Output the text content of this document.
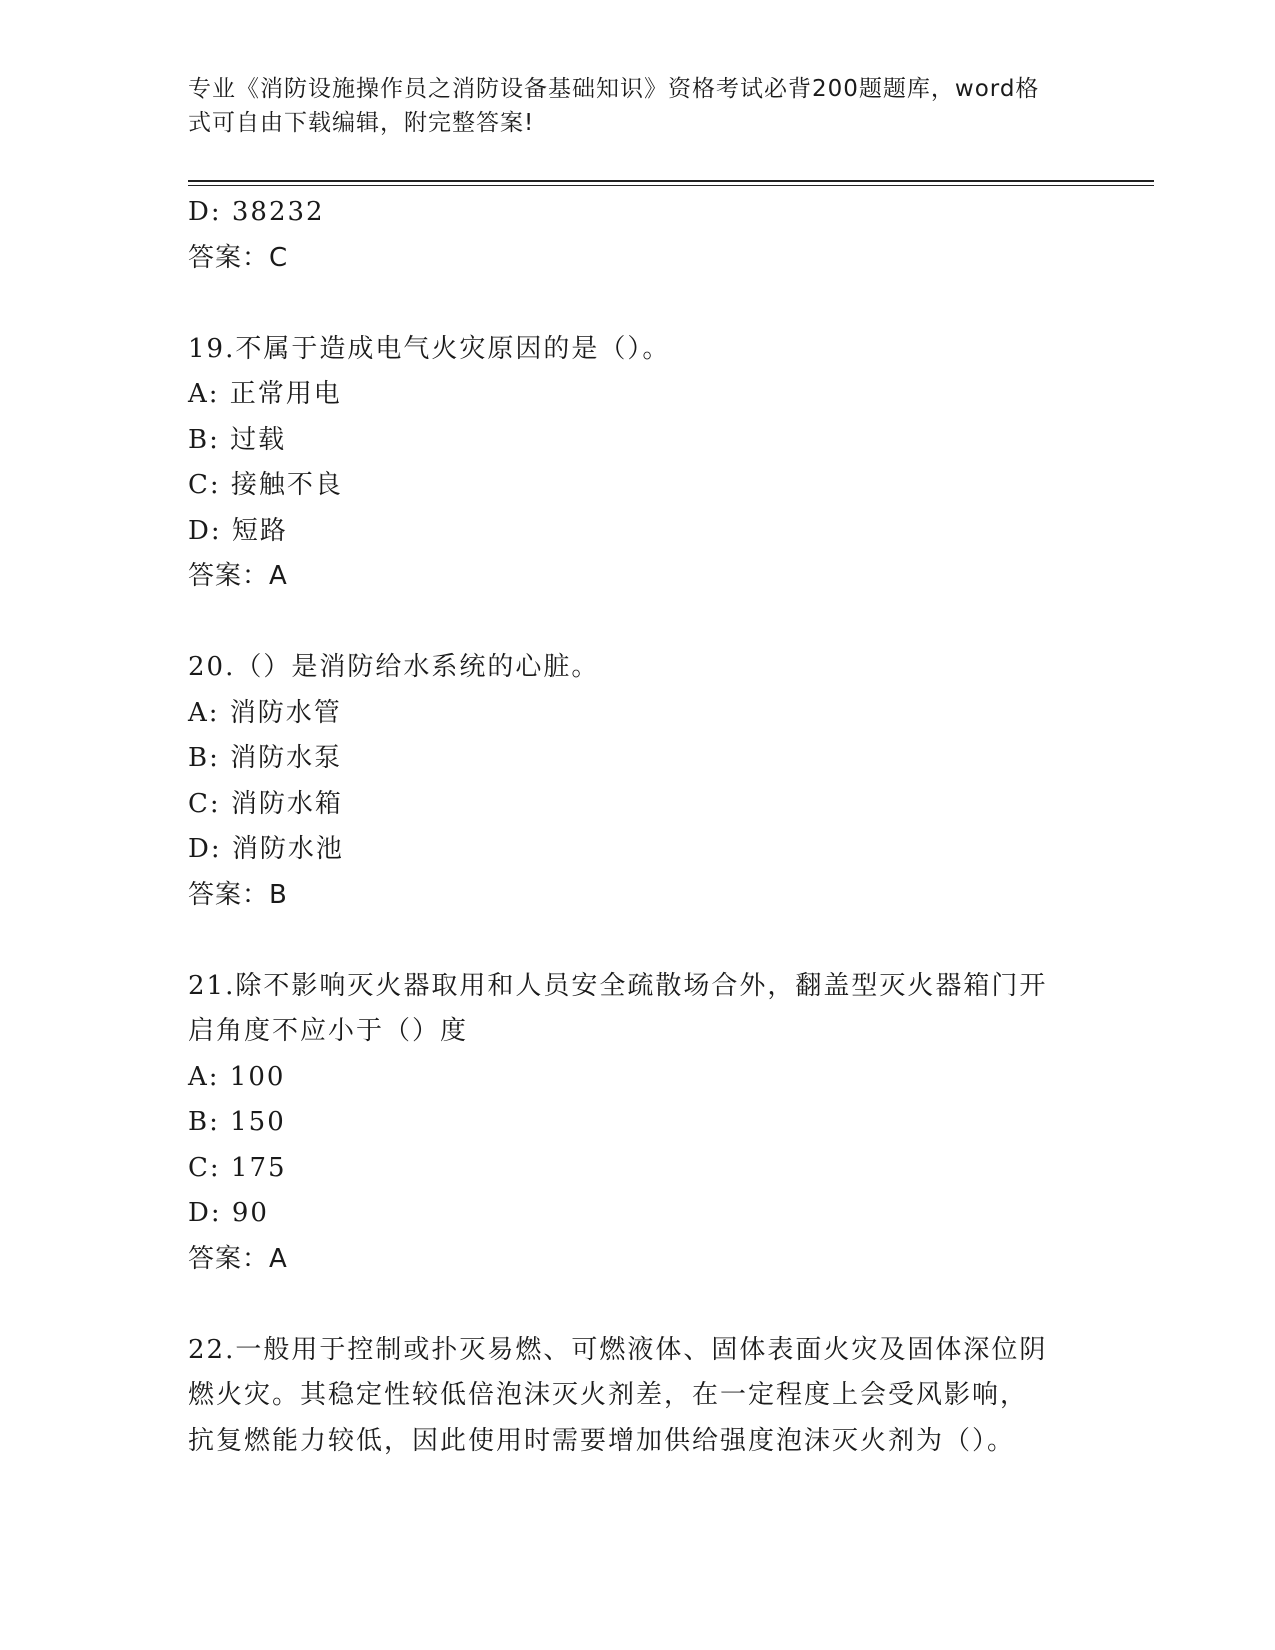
专业《消防设施操作员之消防设备基础知识》资格考试必背200题题库，word格
式可自由下载编辑，附完整答案!
D: 38232
答案：C
19.不属于造成电气火灾原因的是（）。
A: 正常用电
B: 过载
C: 接触不良
D: 短路
答案：A
20.（）是消防给水系统的心脏。
A: 消防水管
B: 消防水泵
C: 消防水箱
D: 消防水池
答案：B
21.除不影响灭火器取用和人员安全疏散场合外，翻盖型灭火器箱门开
启角度不应小于（）度
A: 100
B: 150
C: 175
D: 90
答案：A
22.一般用于控制或扑灭易燃、可燃液体、固体表面火灾及固体深位阴
燃火灾。其稳定性较低倍泡沫灭火剂差，在一定程度上会受风影响，
抗复燃能力较低，因此使用时需要增加供给强度泡沫灭火剂为（）。
